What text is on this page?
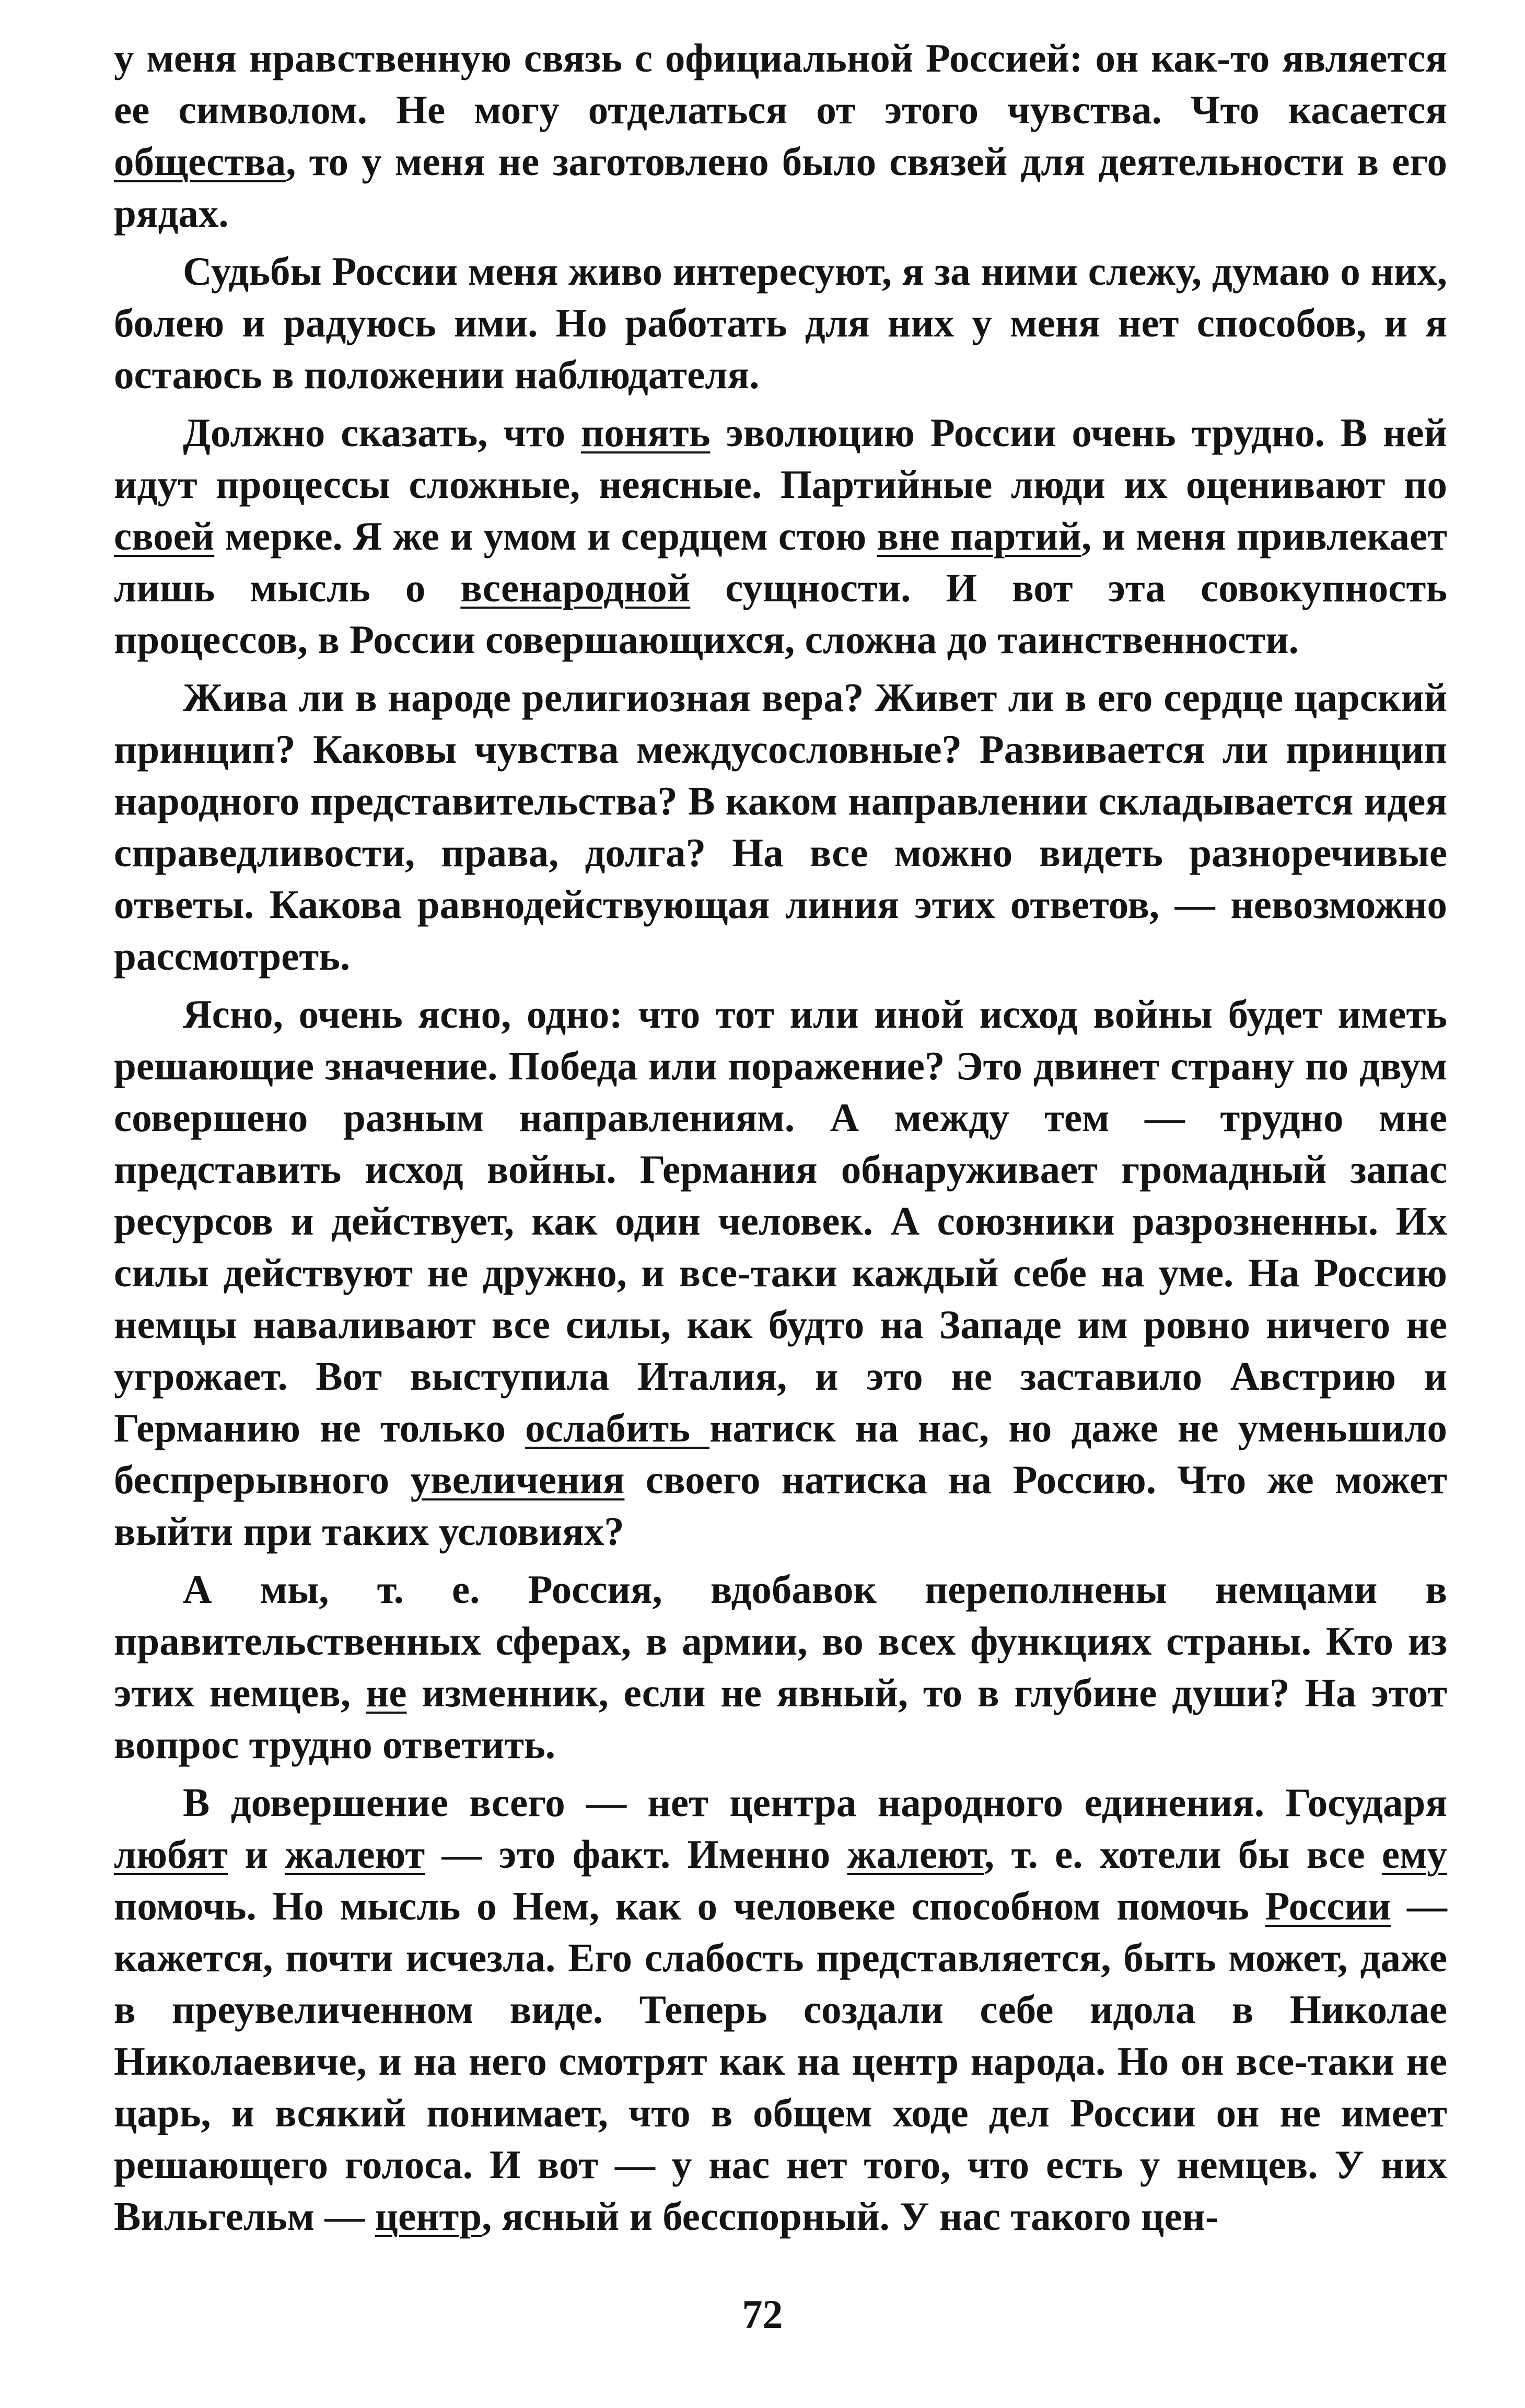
у меня нравственную связь с официальной Россией: он как-то является ее символом. Не могу отделаться от этого чувства. Что касается общества, то у меня не заготовлено было связей для деятельности в его рядах.

Судьбы России меня живо интересуют, я за ними слежу, думаю о них, болею и радуюсь ими. Но работать для них у меня нет способов, и я остаюсь в положении наблюдателя.

Должно сказать, что понять эволюцию России очень трудно. В ней идут процессы сложные, неясные. Партийные люди их оценивают по своей мерке. Я же и умом и сердцем стою вне партий, и меня привлекает лишь мысль о всенародной сущности. И вот эта совокупность процессов, в России совершающихся, сложна до таинственности.

Жива ли в народе религиозная вера? Живет ли в его сердце царский принцип? Каковы чувства междусословные? Развивается ли принцип народного представительства? В каком направлении складывается идея справедливости, права, долга? На все можно видеть разноречивые ответы. Какова равнодействующая линия этих ответов, — невозможно рассмотреть.

Ясно, очень ясно, одно: что тот или иной исход войны будет иметь решающие значение. Победа или поражение? Это двинет страну по двум совершено разным направлениям. А между тем — трудно мне представить исход войны. Германия обнаруживает громадный запас ресурсов и действует, как один человек. А союзники разрозненны. Их силы действуют не дружно, и все-таки каждый себе на уме. На Россию немцы наваливают все силы, как будто на Западе им ровно ничего не угрожает. Вот выступила Италия, и это не заставило Австрию и Германию не только ослабить натиск на нас, но даже не уменьшило беспрерывного увеличения своего натиска на Россию. Что же может выйти при таких условиях?

А мы, т. е. Россия, вдобавок переполнены немцами в правительственных сферах, в армии, во всех функциях страны. Кто из этих немцев, не изменник, если не явный, то в глубине души? На этот вопрос трудно ответить.

В довершение всего — нет центра народного единения. Государя любят и жалеют — это факт. Именно жалеют, т. е. хотели бы все ему помочь. Но мысль о Нем, как о человеке способном помочь России — кажется, почти исчезла. Его слабость представляется, быть может, даже в преувеличенном виде. Теперь создали себе идола в Николае Николаевиче, и на него смотрят как на центр народа. Но он все-таки не царь, и всякий понимает, что в общем ходе дел России он не имеет решающего голоса. И вот — у нас нет того, что есть у немцев. У них Вильгельм — центр, ясный и бесспорный. У нас такого цен-

72
